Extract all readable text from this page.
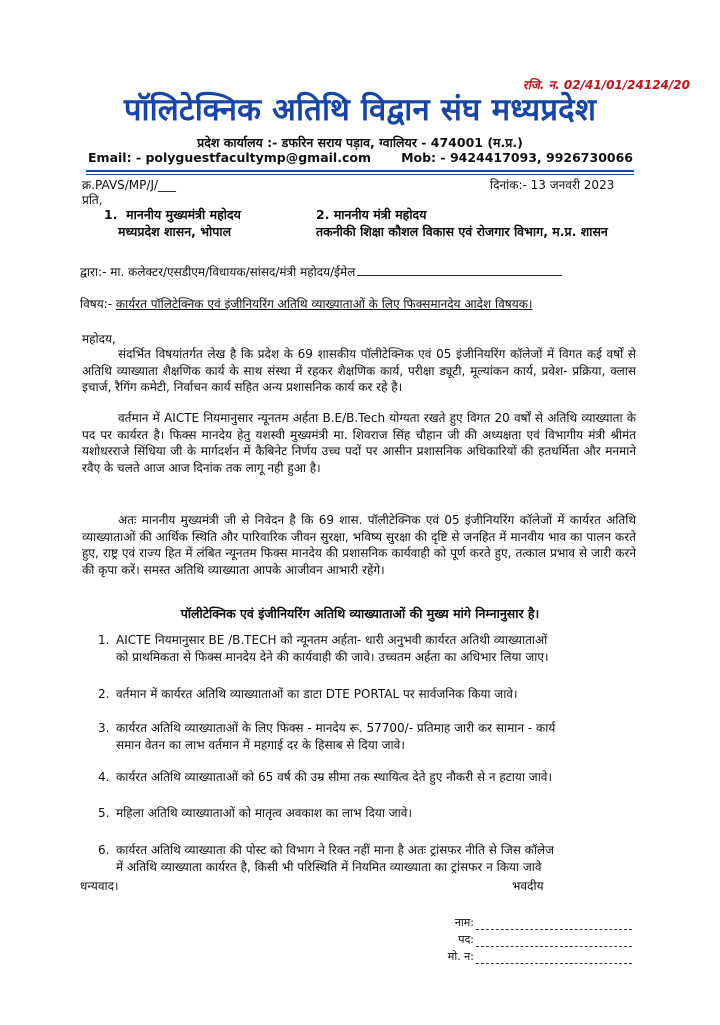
रजि. न. 02/41/01/24124/20
पॉलिटेक्निक अतिथि विद्वान संघ मध्यप्रदेश
प्रदेश कार्यालय :- डफरिन सराय पड़ाव, ग्वालियर - 474001 (म.प्र.)
Email: - polyguestfacultymp@gmail.com Mob: - 9424417093, 9926730066
क्र.PAVS/MP/J/___	दिनांक:- 13 जनवरी 2023
प्रति,
1. माननीय मुख्यमंत्री महोदय
मध्यप्रदेश शासन, भोपाल
2. माननीय मंत्री महोदय
तकनीकी शिक्षा कौशल विकास एवं रोजगार विभाग, म.प्र. शासन
द्वारा:- मा. कलेक्टर/एसडीएम/विधायक/सांसद/मंत्री महोदय/ईमेल
विषय:- कार्यरत पॉलिटेक्निक एवं इंजीनियरिंग अतिथि व्याख्याताओं के लिए फिक्समानदेय आदेश विषयक।
महोदय,
संदर्भित विषयांतर्गत लेख है कि प्रदेश के 69 शासकीय पॉलीटेक्निक एवं 05 इंजीनियरिंग कॉलेजों में विगत कई वर्षों से अतिथि व्याख्याता शैक्षणिक कार्य के साथ संस्था में रहकर शैक्षणिक कार्य, परीक्षा ड्यूटी, मूल्यांकन कार्य, प्रवेश- प्रक्रिया, क्लास इचार्ज, रैगिंग कमेटी, निर्वाचन कार्य सहित अन्य प्रशासनिक कार्य कर रहे है।
वर्तमान में AICTE नियमानुसार न्यूनतम अर्हता B.E/B.Tech योग्यता रखते हुए विगत 20 वर्षों से अतिथि व्याख्याता के पद पर कार्यरत है। फिक्स मानदेय हेतु यशस्वी मुख्यमंत्री मा. शिवराज सिंह चौहान जी की अध्यक्षता एवं विभागीय मंत्री श्रीमंत यशोधरराजे सिंधिया जी के मार्गदर्शन में कैबिनेट निर्णय उच्च पदों पर आसीन प्रशासनिक अधिकारियों की हतधर्मिता और मनमाने रवैए के चलते आज आज दिनांक तक लागू नही हुआ है।
अतः माननीय मुख्यमंत्री जी से निवेदन है कि 69 शास. पॉलीटेक्निक एवं 05 इंजीनियरिंग कॉलेजों में कार्यरत अतिथि व्याख्याताओं की आर्थिक स्थिति और पारिवारिक जीवन सुरक्षा, भविष्य सुरक्षा की दृष्टि से जनहित में मानवीय भाव का पालन करते हुए, राष्ट्र एवं राज्य हित में लंबित न्यूनतम फिक्स मानदेय की प्रशासनिक कार्यवाही को पूर्ण करते हुए, तत्काल प्रभाव से जारी करने की कृपा करें। समस्त अतिथि व्याख्याता आपके आजीवन आभारी रहेंगे।
पॉलीटेक्निक एवं इंजीनियरिंग अतिथि व्याख्याताओं की मुख्य मांगे निम्नानुसार है।
1. AICTE नियमानुसार BE /B.TECH को न्यूनतम अर्हता- धारी अनुभवी कार्यरत अतिथी व्याख्याताओं
को प्राथमिकता से फिक्स मानदेय देने की कार्यवाही की जावे। उच्चतम अर्हता का अधिभार लिया जाए।
2. वर्तमान में कार्यरत अतिथि व्याख्याताओं का डाटा DTE PORTAL पर सार्वजनिक किया जावे।
3. कार्यरत अतिथि व्याख्याताओं के लिए फिक्स - मानदेय रू. 57700/- प्रतिमाह जारी कर सामान - कार्य
समान वेतन का लाभ वर्तमान में महगाई दर के हिसाब से दिया जावे।
4. कार्यरत अतिथि व्याख्याताओं को 65 वर्ष की उम्र सीमा तक स्थायित्व देते हुए नौकरी से न हटाया जावे।
5. महिला अतिथि व्याख्याताओं को मातृत्व अवकाश का लाभ दिया जावे।
6. कार्यरत अतिथि व्याख्याता की पोस्ट को विभाग ने रिक्त नहीं माना है अतः ट्रांसफर नीति से जिस कॉलेज
में अतिथि व्याख्याता कार्यरत है, किसी भी परिस्थिति में नियमित व्याख्याता का ट्रांसफर न किया जावे
धन्यवाद।	भवदीय
नाम:
पद:
मो. न:
